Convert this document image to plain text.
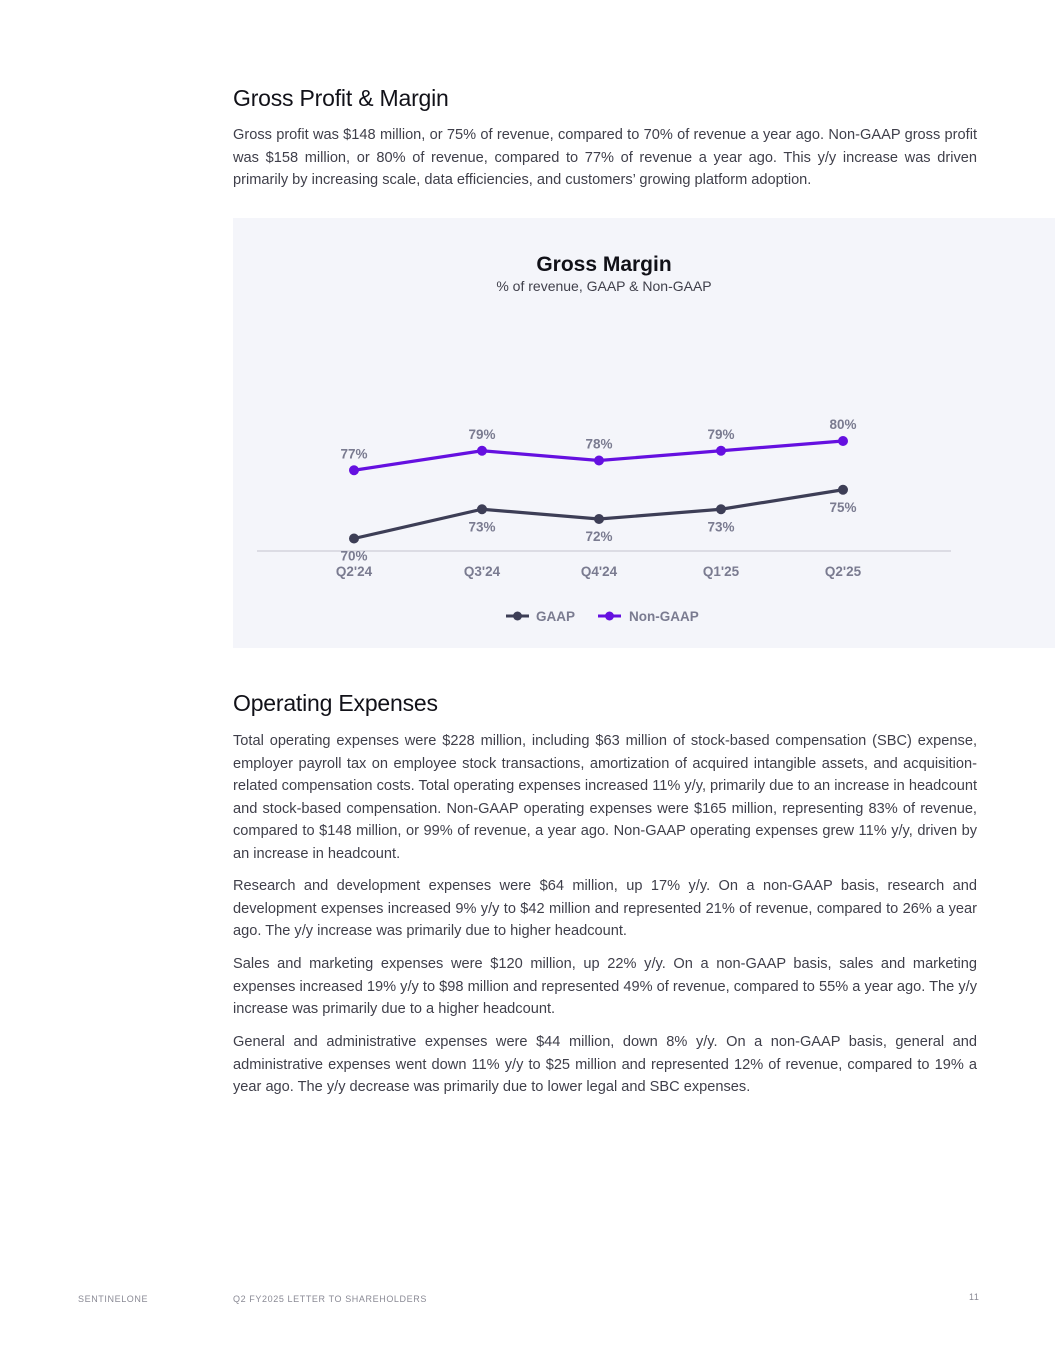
Gross Profit & Margin

Gross profit was $148 million, or 75% of revenue, compared to 70% of revenue a year ago. Non-GAAP gross profit was $158 million, or 80% of revenue, compared to 77% of revenue a year ago. This y/y increase was driven primarily by increasing scale, data efficiencies, and customers’ growing platform adoption.

Gross Margin
% of revenue, GAAP & Non-GAAP
70%
73%
72%
73%
75%
77%
79%
78%
79%
80%
Q2'24	Q3'24	Q4'24	Q1'25	Q2'25
GAAP	Non-GAAP
Operating Expenses

Total operating expenses were $228 million, including $63 million of stock-based compensation (SBC) expense, employer payroll tax on employee stock transactions, amortization of acquired intangible assets, and acquisition-related compensation costs. Total operating expenses increased 11% y/y, primarily due to an increase in headcount and stock-based compensation. Non-GAAP operating expenses were $165 million, representing 83% of revenue, compared to $148 million, or 99% of revenue, a year ago. Non-GAAP operating expenses grew 11% y/y, driven by an increase in headcount.

Research and development expenses were $64 million, up 17% y/y. On a non-GAAP basis, research and development expenses increased 9% y/y to $42 million and represented 21% of revenue, compared to 26% a year ago. The y/y increase was primarily due to higher headcount.

Sales and marketing expenses were $120 million, up 22% y/y. On a non-GAAP basis, sales and marketing expenses increased 19% y/y to $98 million and represented 49% of revenue, compared to 55% a year ago. The y/y increase was primarily due to a higher headcount.

General and administrative expenses were $44 million, down 8% y/y. On a non-GAAP basis, general and administrative expenses went down 11% y/y to $25 million and represented 12% of revenue, compared to 19% a year ago. The y/y decrease was primarily due to lower legal and SBC expenses.

SENTINELONE	Q2 FY2025 LETTER TO SHAREHOLDERS	11
